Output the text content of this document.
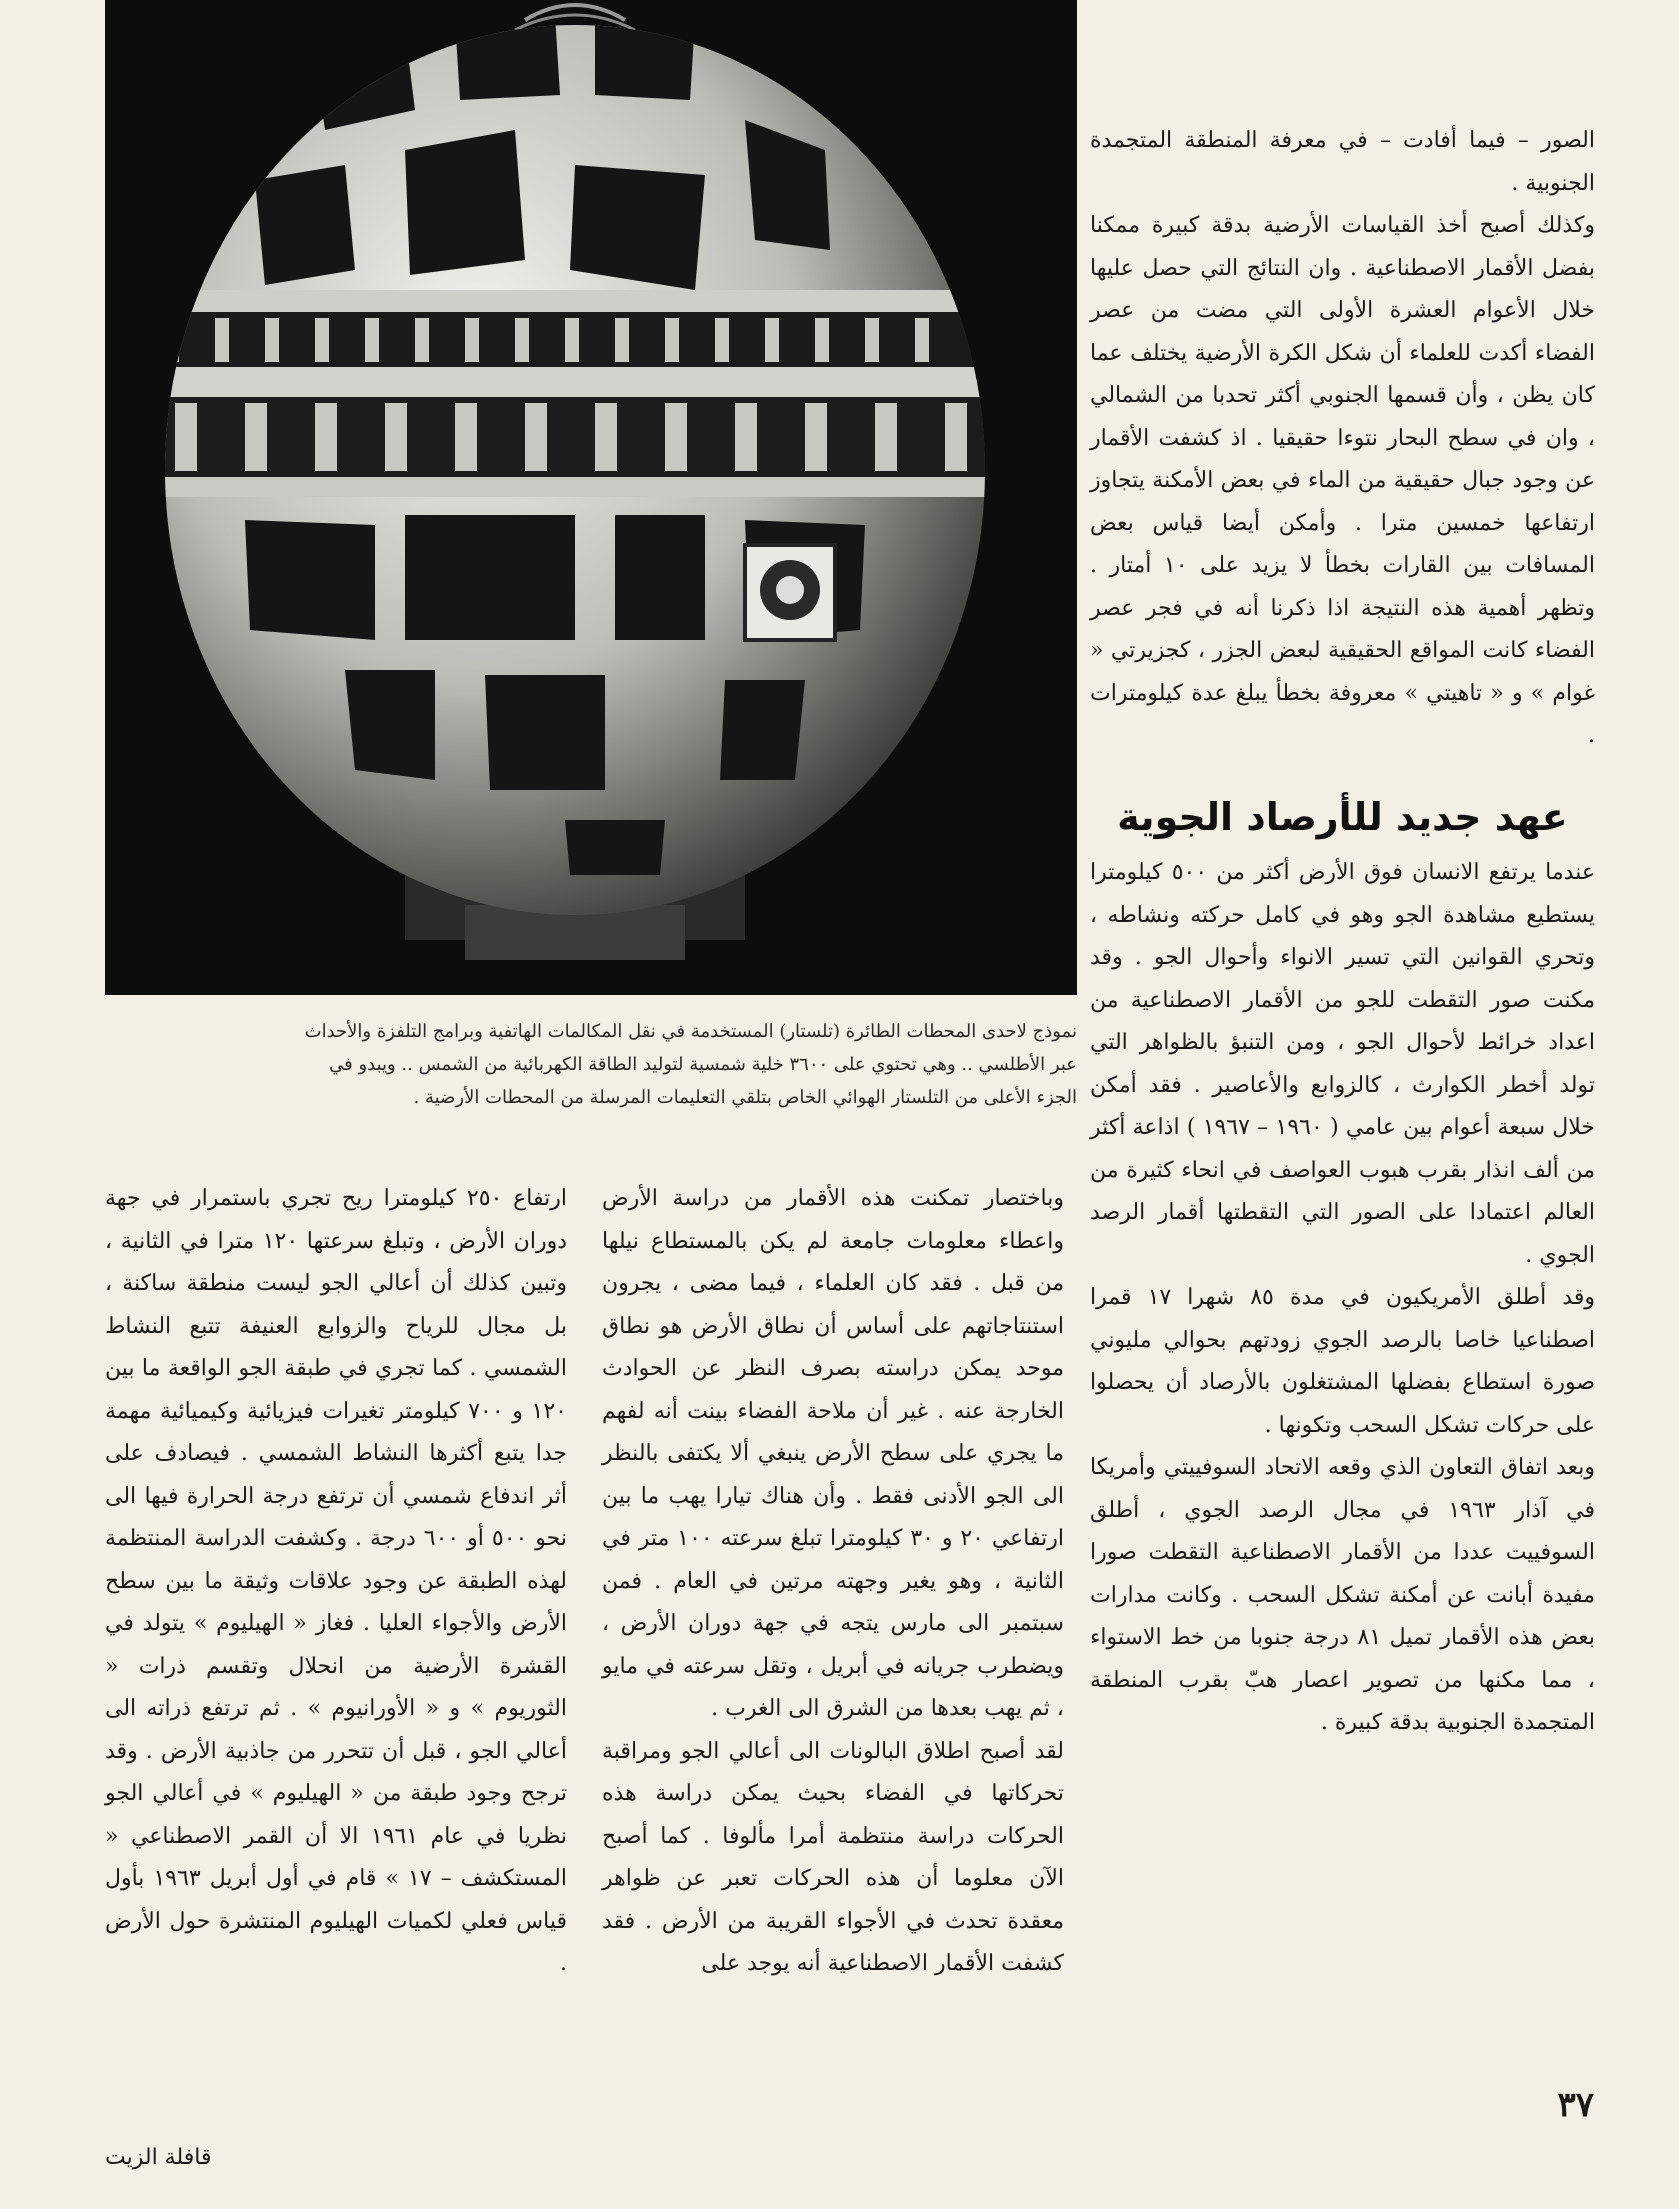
نموذج لاحدى المحطات الطائرة (تلستار) المستخدمة في نقل المكالمات الهاتفية وبرامج التلفزة والأحداث

عبر الأطلسي .. وهي تحتوي على ٣٦٠٠ خلية شمسية لتوليد الطاقة الكهربائية من الشمس .. ويبدو في

الجزء الأعلى من التلستار الهوائي الخاص بتلقي التعليمات المرسلة من المحطات الأرضية .

الصور – فيما أفادت – في معرفة المنطقة المتجمدة الجنوبية .

وكذلك أصبح أخذ القياسات الأرضية بدقة كبيرة ممكنا بفضل الأقمار الاصطناعية . وان النتائج التي حصل عليها خلال الأعوام العشرة الأولى التي مضت من عصر الفضاء أكدت للعلماء أن شكل الكرة الأرضية يختلف عما كان يظن ، وأن قسمها الجنوبي أكثر تحدبا من الشمالي ، وان في سطح البحار نتوءا حقيقيا . اذ كشفت الأقمار عن وجود جبال حقيقية من الماء في بعض الأمكنة يتجاوز ارتفاعها خمسين مترا . وأمكن أيضا قياس بعض المسافات بين القارات بخطأ لا يزيد على ١٠ أمتار . وتظهر أهمية هذه النتيجة اذا ذكرنا أنه في فجر عصر الفضاء كانت المواقع الحقيقية لبعض الجزر ، كجزيرتي « غوام » و « تاهيتي » معروفة بخطأ يبلغ عدة كيلومترات .

عهد جديد للأرصاد الجوية

عندما يرتفع الانسان فوق الأرض أكثر من ٥٠٠ كيلومترا يستطيع مشاهدة الجو وهو في كامل حركته ونشاطه ، وتحري القوانين التي تسير الانواء وأحوال الجو . وقد مكنت صور التقطت للجو من الأقمار الاصطناعية من اعداد خرائط لأحوال الجو ، ومن التنبؤ بالظواهر التي تولد أخطر الكوارث ، كالزوابع والأعاصير . فقد أمكن خلال سبعة أعوام بين عامي ( ١٩٦٠ – ١٩٦٧ ) اذاعة أكثر من ألف انذار بقرب هبوب العواصف في انحاء كثيرة من العالم اعتمادا على الصور التي التقطتها أقمار الرصد الجوي .

وقد أطلق الأمريكيون في مدة ٨٥ شهرا ١٧ قمرا اصطناعيا خاصا بالرصد الجوي زودتهم بحوالي مليوني صورة استطاع بفضلها المشتغلون بالأرصاد أن يحصلوا على حركات تشكل السحب وتكونها .

وبعد اتفاق التعاون الذي وقعه الاتحاد السوفييتي وأمريكا في آذار ١٩٦٣ في مجال الرصد الجوي ، أطلق السوفييت عددا من الأقمار الاصطناعية التقطت صورا مفيدة أبانت عن أمكنة تشكل السحب . وكانت مدارات بعض هذه الأقمار تميل ٨١ درجة جنوبا من خط الاستواء ، مما مكنها من تصوير اعصار هبّ بقرب المنطقة المتجمدة الجنوبية بدقة كبيرة .

وباختصار تمكنت هذه الأقمار من دراسة الأرض واعطاء معلومات جامعة لم يكن بالمستطاع نيلها من قبل . فقد كان العلماء ، فيما مضى ، يجرون استنتاجاتهم على أساس أن نطاق الأرض هو نطاق موحد يمكن دراسته بصرف النظر عن الحوادث الخارجة عنه . غير أن ملاحة الفضاء بينت أنه لفهم ما يجري على سطح الأرض ينبغي ألا يكتفى بالنظر الى الجو الأدنى فقط . وأن هناك تيارا يهب ما بين ارتفاعي ٢٠ و ٣٠ كيلومترا تبلغ سرعته ١٠٠ متر في الثانية ، وهو يغير وجهته مرتين في العام . فمن سبتمبر الى مارس يتجه في جهة دوران الأرض ، ويضطرب جريانه في أبريل ، وتقل سرعته في مايو ، ثم يهب بعدها من الشرق الى الغرب .

لقد أصبح اطلاق البالونات الى أعالي الجو ومراقبة تحركاتها في الفضاء بحيث يمكن دراسة هذه الحركات دراسة منتظمة أمرا مألوفا . كما أصبح الآن معلوما أن هذه الحركات تعبر عن ظواهر معقدة تحدث في الأجواء القريبة من الأرض . فقد كشفت الأقمار الاصطناعية أنه يوجد على

ارتفاع ٢٥٠ كيلومترا ريح تجري باستمرار في جهة دوران الأرض ، وتبلغ سرعتها ١٢٠ مترا في الثانية ، وتبين كذلك أن أعالي الجو ليست منطقة ساكنة ، بل مجال للرياح والزوابع العنيفة تتبع النشاط الشمسي . كما تجري في طبقة الجو الواقعة ما بين ١٢٠ و ٧٠٠ كيلومتر تغيرات فيزيائية وكيميائية مهمة جدا يتبع أكثرها النشاط الشمسي . فيصادف على أثر اندفاع شمسي أن ترتفع درجة الحرارة فيها الى نحو ٥٠٠ أو ٦٠٠ درجة . وكشفت الدراسة المنتظمة لهذه الطبقة عن وجود علاقات وثيقة ما بين سطح الأرض والأجواء العليا . فغاز « الهيليوم » يتولد في القشرة الأرضية من انحلال وتقسم ذرات « الثوريوم » و « الأورانيوم » . ثم ترتفع ذراته الى أعالي الجو ، قبل أن تتحرر من جاذبية الأرض . وقد ترجح وجود طبقة من « الهيليوم » في أعالي الجو نظريا في عام ١٩٦١ الا أن القمر الاصطناعي « المستكشف – ١٧ » قام في أول أبريل ١٩٦٣ بأول قياس فعلي لكميات الهيليوم المنتشرة حول الأرض .

٣٧
قافلة الزيت
